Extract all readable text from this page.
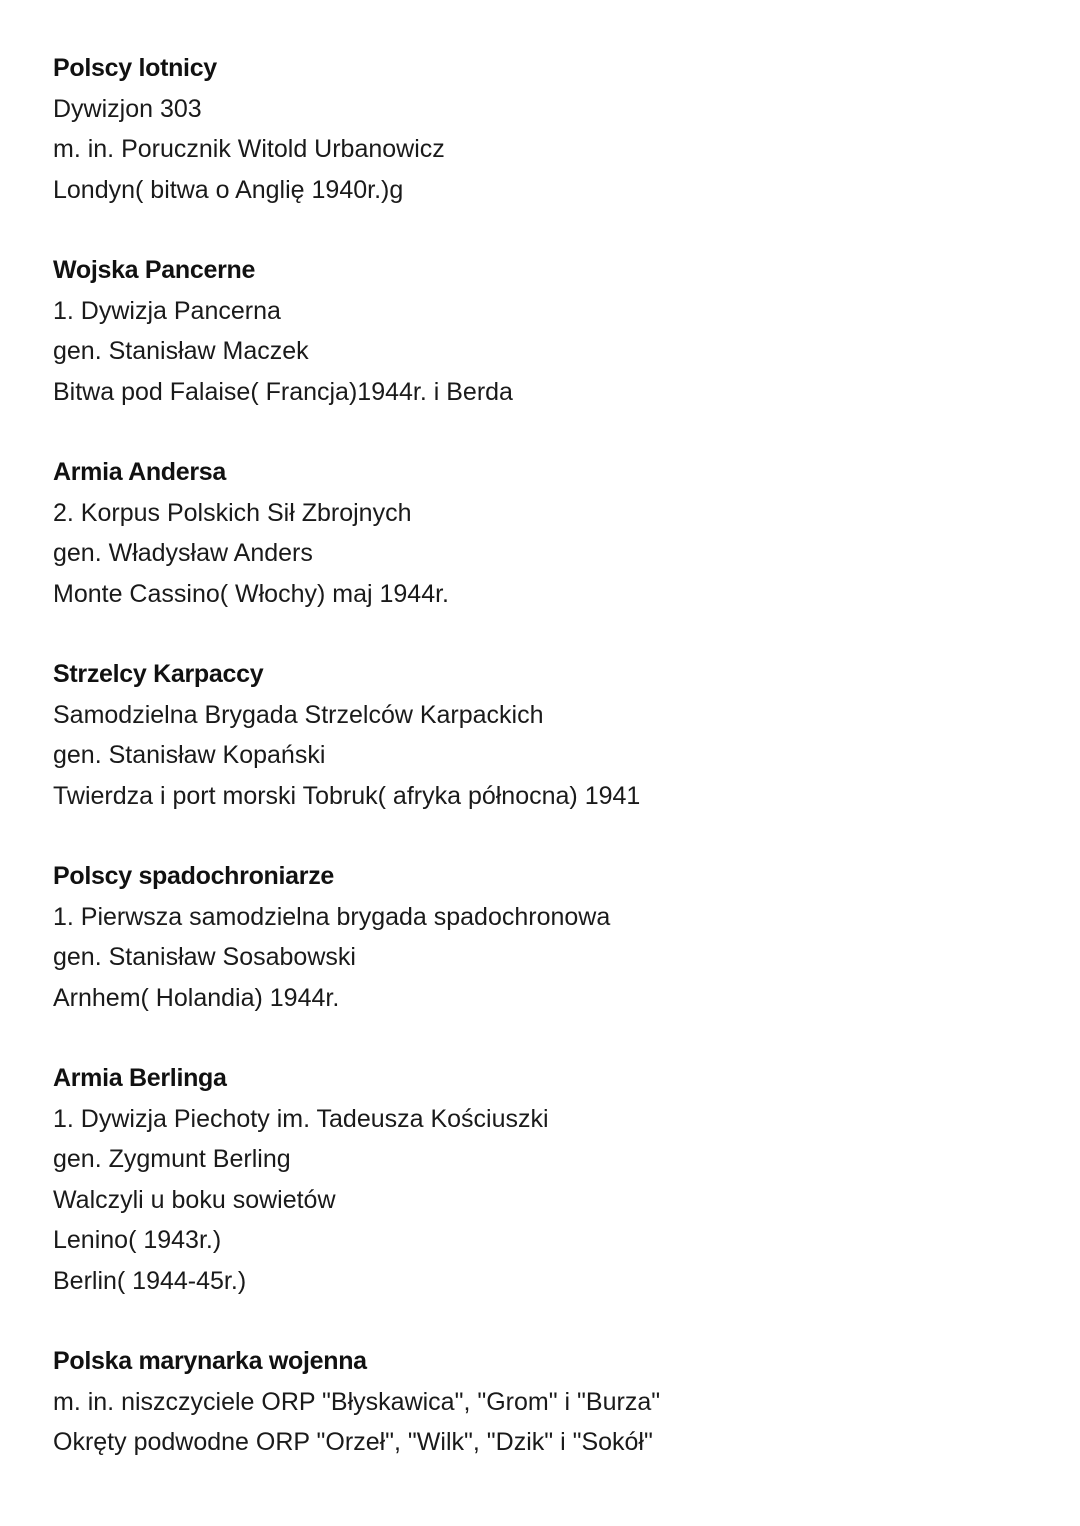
Polscy lotnicy
Dywizjon 303
m. in. Porucznik Witold Urbanowicz
Londyn( bitwa o Anglię 1940r.)g
Wojska Pancerne
1. Dywizja Pancerna
gen. Stanisław Maczek
Bitwa pod Falaise( Francja)1944r. i Berda
Armia Andersa
2. Korpus Polskich Sił Zbrojnych
gen. Władysław Anders
Monte Cassino( Włochy) maj 1944r.
Strzelcy Karpaccy
Samodzielna Brygada Strzelców Karpackich
gen. Stanisław Kopański
Twierdza i port morski Tobruk( afryka północna) 1941
Polscy spadochroniarze
1. Pierwsza samodzielna brygada spadochronowa
gen. Stanisław Sosabowski
Arnhem( Holandia) 1944r.
Armia Berlinga
1. Dywizja Piechoty im. Tadeusza Kościuszki
gen. Zygmunt Berling
Walczyli u boku sowietów
Lenino( 1943r.)
Berlin( 1944-45r.)
Polska marynarka wojenna
m. in. niszczyciele ORP "Błyskawica", "Grom" i "Burza"
Okręty podwodne ORP "Orzeł", "Wilk", "Dzik" i "Sokół"
